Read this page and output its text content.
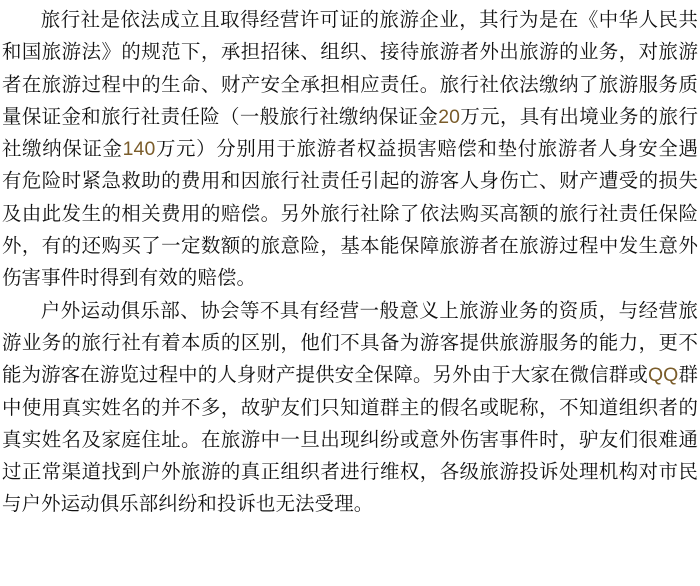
旅行社是依法成立且取得经营许可证的旅游企业，其行为是在《中华人民共和国旅游法》的规范下，承担招徕、组织、接待旅游者外出旅游的业务，对旅游者在旅游过程中的生命、财产安全承担相应责任。旅行社依法缴纳了旅游服务质量保证金和旅行社责任险（一般旅行社缴纳保证金20万元，具有出境业务的旅行社缴纳保证金140万元）分别用于旅游者权益损害赔偿和垫付旅游者人身安全遇有危险时紧急救助的费用和因旅行社责任引起的游客人身伤亡、财产遭受的损失及由此发生的相关费用的赔偿。另外旅行社除了依法购买高额的旅行社责任保险外，有的还购买了一定数额的旅意险，基本能保障旅游者在旅游过程中发生意外伤害事件时得到有效的赔偿。

户外运动俱乐部、协会等不具有经营一般意义上旅游业务的资质，与经营旅游业务的旅行社有着本质的区别，他们不具备为游客提供旅游服务的能力，更不能为游客在游览过程中的人身财产提供安全保障。另外由于大家在微信群或QQ群中使用真实姓名的并不多，故驴友们只知道群主的假名或昵称，不知道组织者的真实姓名及家庭住址。在旅游中一旦出现纠纷或意外伤害事件时，驴友们很难通过正常渠道找到户外旅游的真正组织者进行维权，各级旅游投诉处理机构对市民与户外运动俱乐部纠纷和投诉也无法受理。
